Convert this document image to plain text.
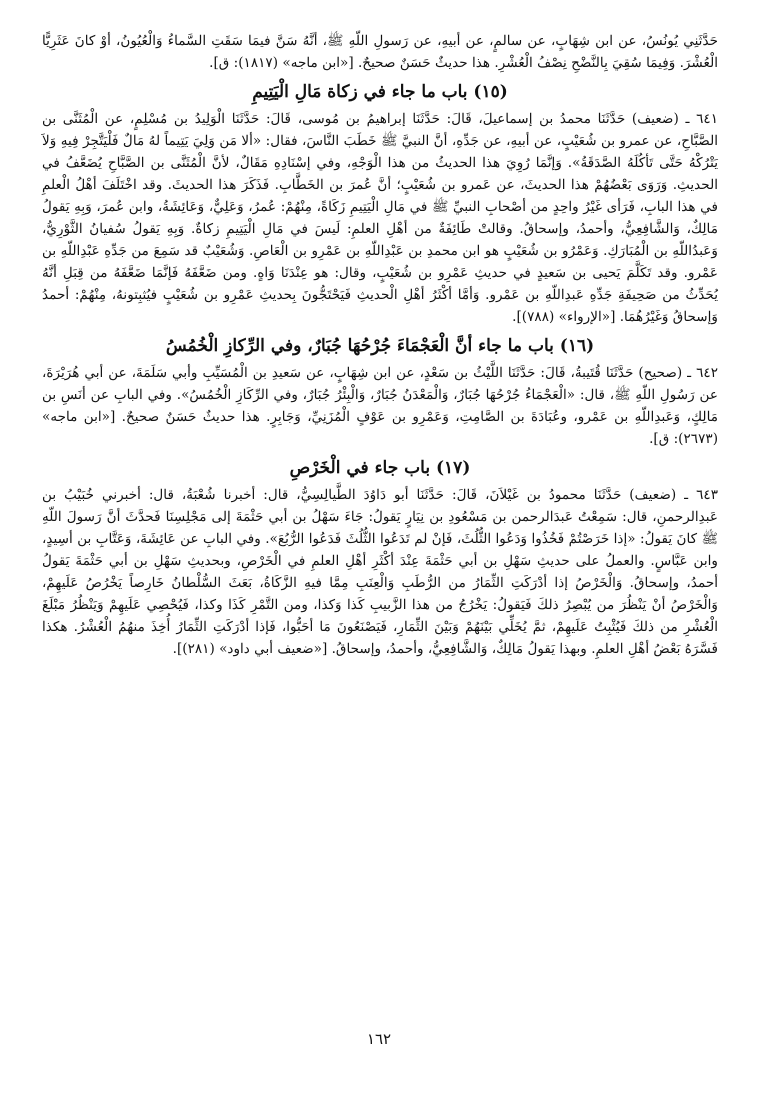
حَدَّثَنِي يُونُسُ، عن ابن شِهَابٍ، عن سالمٍ، عن أبيهِ، عن رَسولِ اللّهِ ﷺ، أنَّهُ سَنَّ فيمَا سَقَتِ السَّماءُ وَالْعُيُونُ، أوْ كانَ عَثَرِيًّا الْعُشْرَ. وَفِيمَا سُقِيَ بِالنَّضْحِ نِصْفُ الْعُشْرِ. هذا حديثٌ حَسَنٌ صحيحٌ. [«ابن ماجه» (١٨١٧): ق].

(١٥) باب ما جاء في زكاة مَالِ الْيَتِيمِ

٦٤١ ـ (ضعيف) حَدَّثَنَا محمدُ بن إسماعيلَ، قَالَ: حَدَّثَنَا إبراهيمُ بن مُوسى، قَالَ: حَدَّثَنَا الْوَلِيدُ بن مُسْلِمٍ، عن الْمُثَنَّى بن الصَّبَّاحِ، عن عمرو بن شُعَيْبٍ، عن أبيهِ، عن جَدِّهِ، أنَّ النبيَّ ﷺ خَطَبَ النَّاسَ، فقال: «ألا مَن وَلِيَ يَتِيماً لهُ مَالٌ فَلْيَتَّجِرْ فِيهِ وَلاَ يَتْرُكْهُ حَتَّى تَأكُلَهُ الصَّدَقَةُ». وَإنَّمَا رُوِيَ هذا الحديثُ من هذا الْوَجْهِ، وفي إسْنَادِهِ مَقَالٌ، لأنَّ الْمُثَنَّى بن الصَّبَّاحِ يُضَعَّفُ في الحديثِ. وَرَوَى بَعْضُهُمْ هذا الحديثَ، عن عَمرو بن شُعَيْبٍ؛ أنَّ عُمرَ بن الخَطَّابِ. فَذَكَرَ هذا الحديثَ. وقد اخْتَلَفَ أهْلُ الْعلمِ في هذا البابِ، فَرَأى غَيْرُ واحِدٍ من أصْحابِ النبيِّ ﷺ في مَالِ الْيَتِيمِ زَكَاةً، مِنْهُمْ: عُمرُ، وَعَلِيٌّ، وَعَائِشَةُ، وابن عُمرَ، وَبِهِ يَقولُ مَالِكٌ، وَالشَّافِعِيُّ، وأحمدُ، وإسحاقُ. وقالتْ طَائِفَةٌ من أهْلِ العلمِ: لَيسَ في مَالِ الْيَتِيمِ زكاةٌ. وَبِهِ يَقولُ سُفيانُ الثَّوْرِيُّ، وَعَبدُاللّهِ بن الْمُبَارَكِ. وَعَمْرُو بن شُعَيْبٍ هو ابن محمدِ بن عَبْدِاللّهِ بن عَمْرِو بن الْعَاصِ. وَشُعَيْبٌ قد سَمِعَ من جَدِّهِ عَبْدِاللّهِ بن عَمْرو. وقد تَكَلَّمَ يَحيى بن سَعيدٍ في حديثِ عَمْرِو بن شُعَيْبٍ، وقال: هو عِنْدَنَا وَاهٍ. ومن ضَعَّفَهُ فَإنَّمَا ضَعَّفَهُ من قِبَلِ أنَّهُ يُحَدِّثُ من صَحِيفَةِ جَدِّهِ عَبدِاللّهِ بن عَمْرو. وَأمَّا أكْثَرُ أهْلِ الْحديثِ فَيَحْتَجُّونَ بِحديثِ عَمْرِو بن شُعَيْبٍ فيُثبِتونهُ، مِنْهُمْ: أحمدُ وَإسحاقُ وَغَيْرُهُمَا. [«الإرواء» (٧٨٨)].

(١٦) باب ما جاء أنَّ الْعَجْمَاءَ جُرْحُهَا جُبَارٌ، وفي الرِّكازِ الْخُمُسُ

٦٤٢ ـ (صحيح) حَدَّثَنَا قُتَيبةُ، قَالَ: حَدَّثَنَا اللَّيْثُ بن سَعْدٍ، عن ابن شِهَابٍ، عن سَعيدِ بن الْمُسَيِّبِ وأبي سَلَمَةَ، عن أبي هُرَيْرَةَ، عن رَسُولِ اللّهِ ﷺ، قال: «الْعَجْمَاءُ جُرْحُهَا جُبَارٌ، وَالْمَعْدَنُ جُبَارٌ، وَالْبِئْرُ جُبَارٌ، وفي الرِّكَازِ الْخُمُسُ». وفي البابِ عن أنَسِ بن مَالِكٍ، وَعَبدِاللّهِ بن عَمْرو، وعُبَادَةَ بن الصَّامِتِ، وَعَمْرِو بن عَوْفٍ الْمُزَنِيِّ، وَجَابِرٍ. هذا حديثٌ حَسَنٌ صحيحٌ. [«ابن ماجه» (٢٦٧٣): ق].

(١٧) باب جاء في الْخَرْصِ

٦٤٣ ـ (ضعيف) حَدَّثَنَا محمودُ بن غَيْلاَنَ، قَالَ: حَدَّثَنَا أبو دَاوُدَ الطَّيالِسِيُّ، قال: أخبرنا شُعْبَةُ، قال: أخبرني خُبَيْبُ بن عَبدِالرحمنِ، قال: سَمِعْتُ عَبدَالرحمن بن مَسْعُودِ بن نِيَارٍ يَقولُ: جَاءَ سَهْلُ بن أبي حَثْمَةَ إلى مَجْلِسِنَا فَحدَّثَ أنَّ رَسولَ اللّهِ ﷺ كانَ يَقولُ: «إذا خَرَصْتُمْ فَخُذُوا وَدَعُوا الثُّلُثَ، فَإنْ لم تَدَعُوا الثُّلُثَ فَدَعُوا الرُّبُعَ». وفي البابِ عن عَائِشَةَ، وَعَتَّابِ بن أسِيدٍ، وابن عَبَّاسٍ. والعملُ على حديثِ سَهْلِ بن أبي حَثْمَةَ عِنْدَ أكْثَرِ أهْلِ العلمِ في الْخَرْصِ، وبحديثِ سَهْلِ بن أبي حَثْمَةَ يَقولُ أحمدُ، وإسحاقُ. وَالْخَرْصُ إذا أدْرَكَتِ الثِّمَارُ من الرُّطَبِ وَالْعِنَبِ مِمَّا فيهِ الزَّكَاةُ، بَعَثَ السُّلْطانُ خَارِصاً يَخْرُصُ عَلَيهِمْ، وَالْخَرْصُ أنْ يَنْظُرَ من يُبْصِرُ ذلكَ فَيَقولُ: يَخْرُجُ من هذا الزَّبيبِ كَذا وَكذا، ومن التَّمْرِ كَذَا وكذا، فَيُحْصِي عَلَيهِمْ وَيَنْظُرُ مَبْلَغَ الْعُشْرِ من ذلكَ فَيُثْبِتُ عَلَيهِمْ، ثمَّ يُخَلِّي بَيْنَهُمْ وَبَيْنَ الثِّمَارِ، فَيَصْنَعُونَ مَا أحَبُّوا، فَإذا أدْرَكَتِ الثِّمَارُ أُخِذَ منهُمُ الْعُشْرُ. هكذا فَسَّرَهُ بَعْضُ أهْلِ العلمِ. وبهذا يَقولُ مَالِكٌ، وَالشَّافِعِيُّ، وأحمدُ، وإسحاقُ. [«ضعيف أبي داود» (٢٨١)].

١٦٢
